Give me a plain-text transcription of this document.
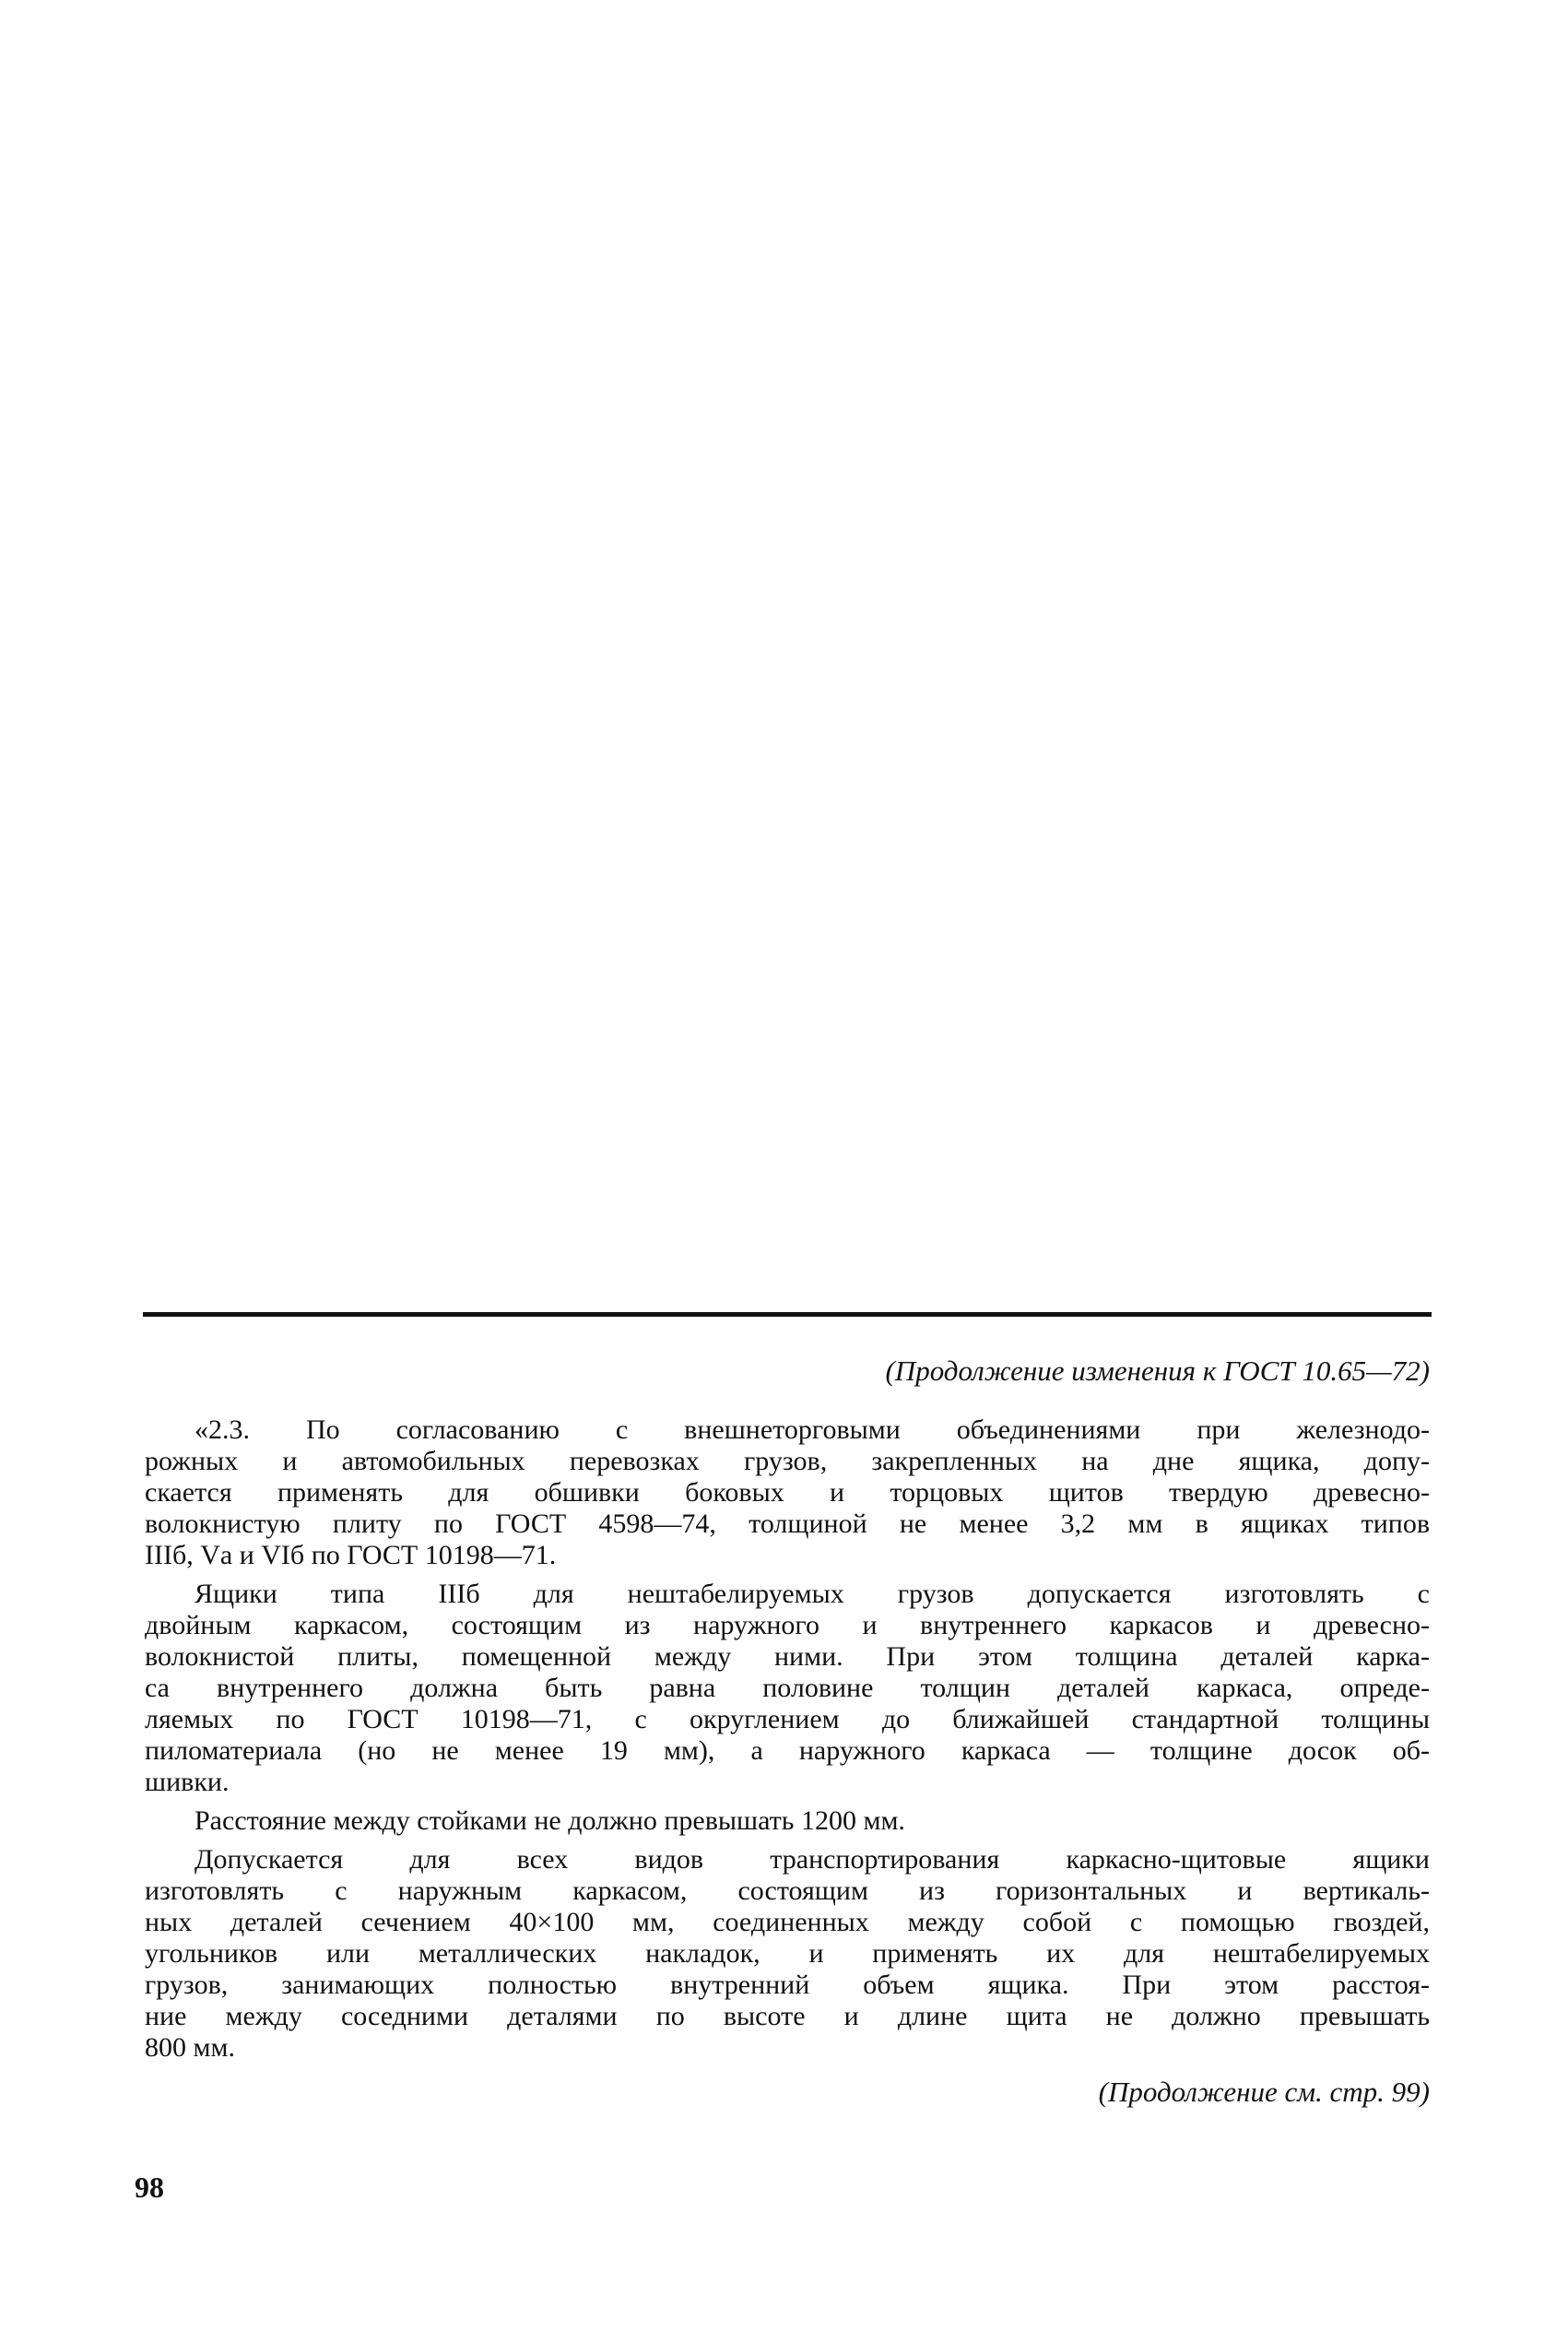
(Продолжение изменения к ГОСТ 10.65—72)
«2.3. По согласованию с внешнеторговыми объединениями при железнодо-
рожных и автомобильных перевозках грузов, закрепленных на дне ящика, допу-
скается применять для обшивки боковых и торцовых щитов твердую древесно-
волокнистую плиту по ГОСТ 4598—74, толщиной не менее 3,2 мм в ящиках типов
IIIб, Vа и VIб по ГОСТ 10198—71.
Ящики типа IIIб для нештабелируемых грузов допускается изготовлять с
двойным каркасом, состоящим из наружного и внутреннего каркасов и древесно-
волокнистой плиты, помещенной между ними. При этом толщина деталей карка-
са внутреннего должна быть равна половине толщин деталей каркаса, опреде-
ляемых по ГОСТ 10198—71, с округлением до ближайшей стандартной толщины
пиломатериала (но не менее 19 мм), а наружного каркаса — толщине досок об-
шивки.
Расстояние между стойками не должно превышать 1200 мм.
Допускается для всех видов транспортирования каркасно-щитовые ящики
изготовлять с наружным каркасом, состоящим из горизонтальных и вертикаль-
ных деталей сечением 40×100 мм, соединенных между собой с помощью гвоздей,
угольников или металлических накладок, и применять их для нештабелируемых
грузов, занимающих полностью внутренний объем ящика. При этом расстоя-
ние между соседними деталями по высоте и длине щита не должно превышать
800 мм.
(Продолжение см. стр. 99)
98
